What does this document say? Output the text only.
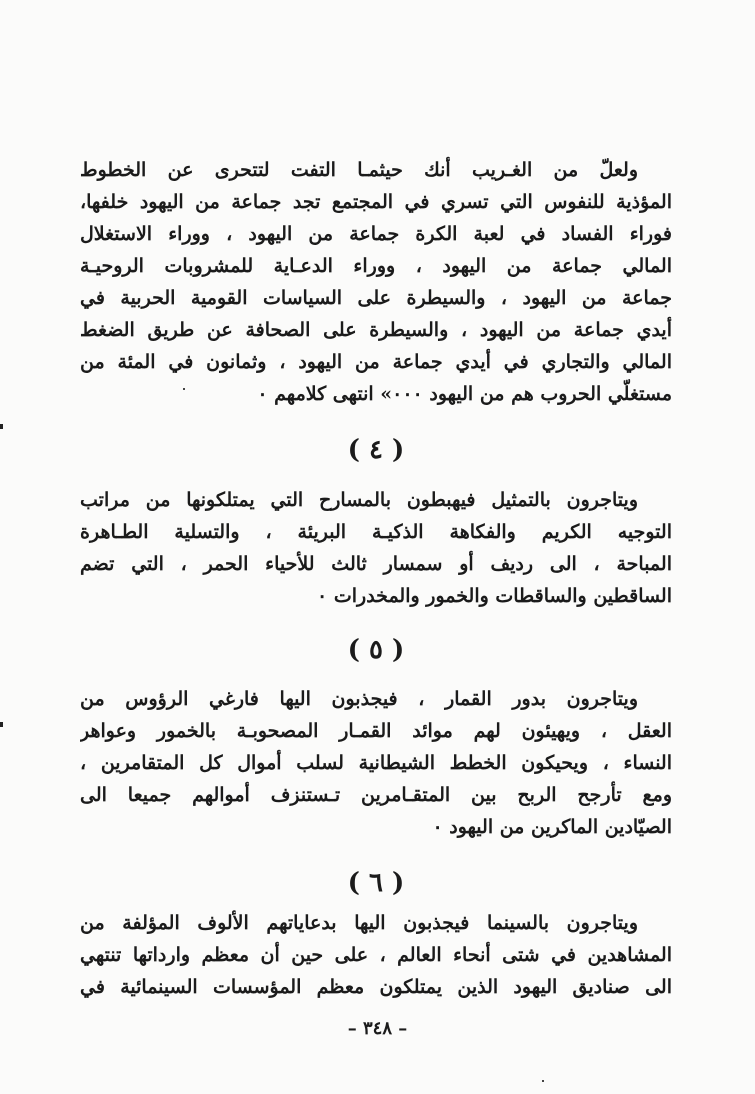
ولعلّ من الغـريب أنك حيثمـا التفت لتتحرى عن الخطوط
المؤذية للنفوس التي تسري في المجتمع تجد جماعة من اليهود خلفها،
فوراء الفساد في لعبة الكرة جماعة من اليهود ، ووراء الاستغلال
المالي جماعة من اليهود ، ووراء الدعـاية للمشروبات الروحيـة
جماعة من اليهود ، والسيطرة على السياسات القومية الحربية في
أيدي جماعة من اليهود ، والسيطرة على الصحافة عن طريق الضغط
المالي والتجاري في أيدي جماعة من اليهود ، وثمانون في المئة من
مستغلّي الحروب هم من اليهود ٠٠٠» انتهى كلامهم ٠
( ٤ )
ويتاجرون بالتمثيل فيهبطون بالمسارح التي يمتلكونها من مراتب
التوجيه الكريم والفكاهة الذكيـة البريئة ، والتسلية الطـاهرة
المباحة ، الى رديف أو سمسار ثالث للأحياء الحمر ، التي تضم
الساقطين والساقطات والخمور والمخدرات ٠
( ٥ )
ويتاجرون بدور القمار ، فيجذبون اليها فارغي الرؤوس من
العقل ، ويهيئون لهم موائد القمـار المصحوبـة بالخمور وعواهر
النساء ، ويحيكون الخطط الشيطانية لسلب أموال كل المتقامرين ،
ومع تأرجح الربح بين المتقـامرين تـستنزف أموالهم جميعا الى
الصيّادين الماكرين من اليهود ٠
( ٦ )
ويتاجرون بالسينما فيجذبون اليها بدعاياتهم الألوف المؤلفة من
المشاهدين في شتى أنحاء العالم ، على حين أن معظم وارداتها تنتهي
الى صناديق اليهود الذين يمتلكون معظم المؤسسات السينمائية في
– ٣٤٨ –
